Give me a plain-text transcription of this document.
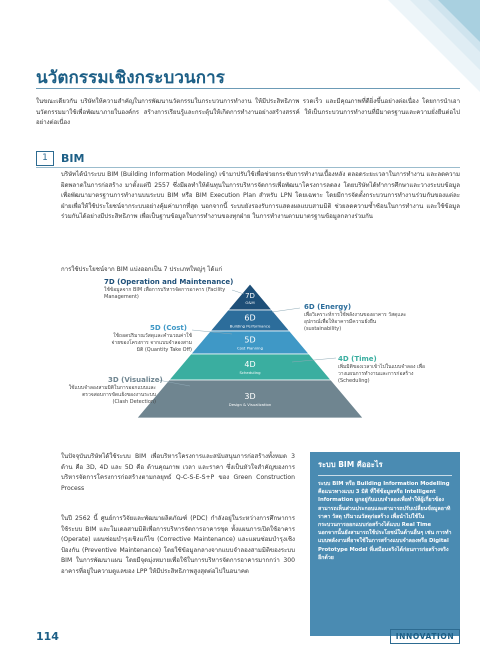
นวัตกรรมเชิงกระบวนการ

ในขณะเดียวกัน บริษัทให้ความสำคัญในการพัฒนานวัตกรรมในกระบวนการทำงาน ให้มีประสิทธิภาพ รวดเร็ว และมีคุณภาพที่ดียิ่งขึ้นอย่างต่อเนื่อง โดยการนำเอานวัตกรรมมาใช้เพื่อพัฒนาภายในองค์กร สร้างการเรียนรู้และกระตุ้นให้เกิดการทำงานอย่างสร้างสรรค์ ให้เป็นกระบวนการทำงานที่มีมาตรฐานและความยั่งยืนต่อไปอย่างต่อเนื่อง

1	BIM

บริษัทได้นำระบบ BIM (Building Information Modeling) เข้ามาปรับใช้เพื่อช่วยกระชับการทำงานเบื้องหลัง ตลอดระยะเวลาในการทำงาน และลดความผิดพลาดในการก่อสร้าง มาตั้งแต่ปี 2557 ซึ่งมีผลทำให้ต้นทุนในการบริหารจัดการเพื่อพัฒนาโครงการลดลง โดยบริษัทได้ทำการศึกษาและวางระบบข้อมูลเพื่อพัฒนามาตรฐานการทำงานบนระบบ BIM หรือ BIM Execution Plan สำหรับ LPN โดยเฉพาะ โดยมีการจัดตั้งกระบวนการทำงานร่วมกันของแต่ละฝ่ายเพื่อให้ใช้ประโยชน์จากระบบอย่างคุ้มค่ามากที่สุด นอกจากนี้ ระบบยังรองรับการแสดงผลแบบสามมิติ ช่วยลดความซ้ำซ้อนในการทำงาน และใช้ข้อมูลร่วมกันได้อย่างมีประสิทธิภาพ เพื่อเป็นฐานข้อมูลในการทำงานของทุกฝ่าย ในการทำงานตามมาตรฐานข้อมูลกลางร่วมกัน

การใช้ประโยชน์จาก BIM แบ่งออกเป็น 7 ประเภทใหญ่ๆ ได้แก่

7D
O&M
6D
Building Performance
5D
Cost Planning
4D
Scheduling
3D
Design & Visualization
7D (Operation and Maintenance)
ใช้ข้อมูลจาก BIM เพื่อการบริหารจัดการอาคาร (Facility Management)
6D (Energy)
เพื่อวิเคราะห์การใช้พลังงานของอาคาร วัสดุและอุปกรณ์เพื่อให้อาคารมีความยั่งยืน (sustainability)
5D (Cost)
ใช้ถอดปริมาณวัสดุและคำนวณค่าใช้จ่ายของโครงการ จากแบบจำลองสามมิติ (Quantity Take Off)
4D (Time)
เพิ่มมิติของเวลาเข้าไปในแบบจำลอง เพื่อวางแผนการทำงานและการก่อสร้าง (Scheduling)
3D (Visualize)
ใช้แบบจำลองสามมิติในการออกแบบและตรวจสอบการขัดแย้งของงานระบบ (Clash Detection)

ในปัจจุบันบริษัทได้ใช้ระบบ BIM เพื่อบริหารโครงการและสนับสนุนการก่อสร้างทั้งหมด 3 ด้าน คือ 3D, 4D และ 5D คือ ด้านคุณภาพ เวลา และราคา ซึ่งเป็นหัวใจสำคัญของการบริหารจัดการโครงการก่อสร้างตามกลยุทธ์ Q-C-S-E-S+P ของ Green Construction Process

ในปี 2562 นี้ ศูนย์การวิจัยและพัฒนาผลิตภัณฑ์ (PDC) กำลังอยู่ในระหว่างการศึกษาการใช้ระบบ BIM และโมเดลสามมิติเพื่อการบริหารจัดการอาคารชุด ทั้งแผนการเปิดใช้อาคาร (Operate) แผนซ่อมบำรุงเชิงแก้ไข (Corrective Maintenance) และแผนซ่อมบำรุงเชิงป้องกัน (Preventive Maintenance) โดยใช้ข้อมูลกลางจากแบบจำลองสามมิติของระบบ BIM ในการพัฒนาแผน โดยมีจุดมุ่งหมายเพื่อใช้ในการบริหารจัดการอาคารมากกว่า 300 อาคารที่อยู่ในความดูแลของ LPP ให้มีประสิทธิภาพสูงสุดต่อไปในอนาคต

ระบบ BIM คืออะไร
ระบบ BIM หรือ Building Information Modelling คือแนวทางแบบ 3 มิติ ที่ใช้ข้อมูลหรือ Intelligent Information ผูกอยู่กับแบบจำลองเพื่อทำให้ผู้เกี่ยวข้องสามารถเห็นส่วนประกอบและสามารถปรับเปลี่ยนข้อมูลอาทิ ราคา วัสดุ ปริมาณวัสดุก่อสร้าง เพื่อนำไปใช้ในกระบวนการออกแบบก่อสร้างได้แบบ Real Time นอกจากนั้นยังสามารถใช้ประโยชน์ในด้านอื่นๆ เช่น การทำแบบพลังงานที่อาจใช้ในการสร้างแบบจำลองหรือ Digital Prototype Model ที่เสมือนจริงได้ก่อนการก่อสร้างจริงอีกด้วย
114	INNOVATION
